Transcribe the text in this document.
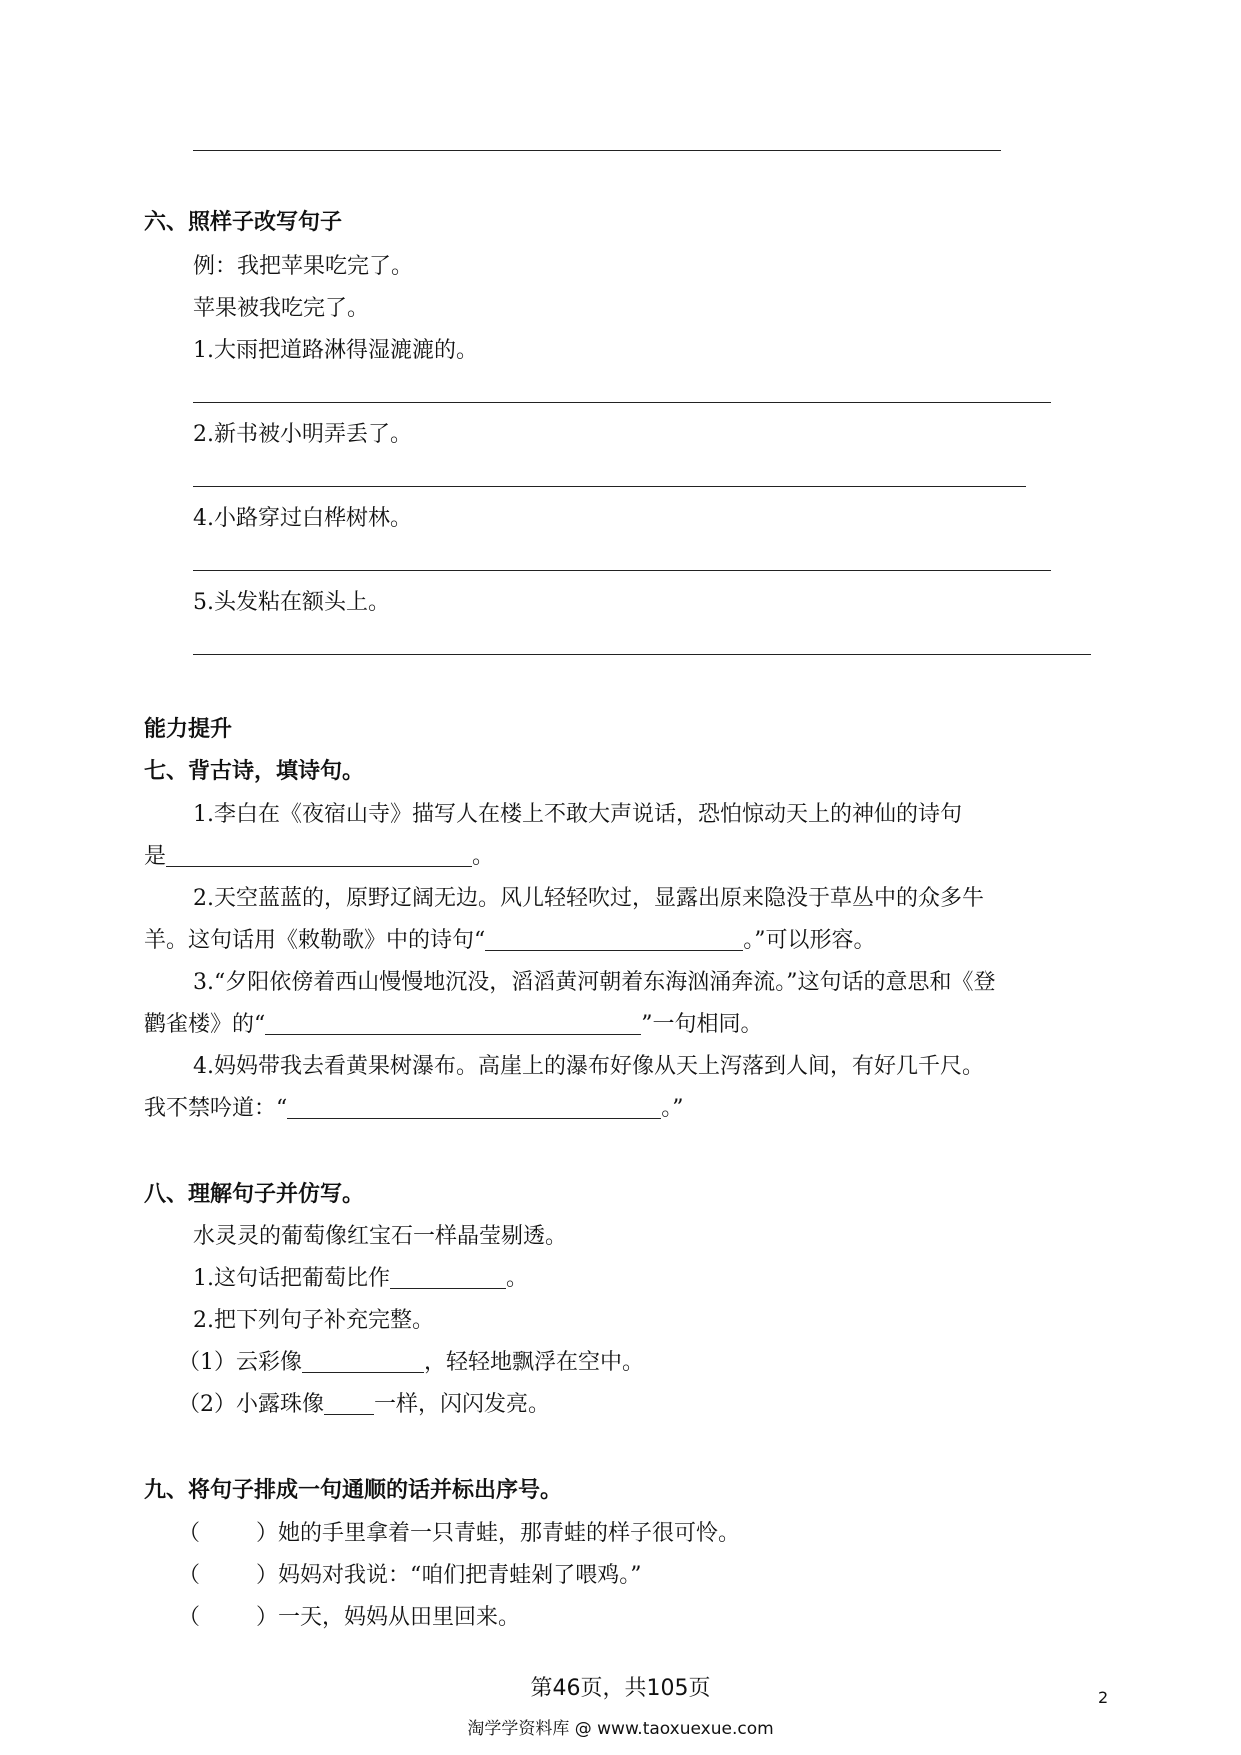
六、照样子改写句子
例：我把苹果吃完了。
苹果被我吃完了。
1.大雨把道路淋得湿漉漉的。
2.新书被小明弄丢了。
4.小路穿过白桦树林。
5.头发粘在额头上。
能力提升
七、背古诗，填诗句。
1.李白在《夜宿山寺》描写人在楼上不敢大声说话，恐怕惊动天上的神仙的诗句
是	。
2.天空蓝蓝的，原野辽阔无边。风儿轻轻吹过，显露出原来隐没于草丛中的众多牛
羊。这句话用《敕勒歌》中的诗句“	。”可以形容。
3.“夕阳依傍着西山慢慢地沉没，滔滔黄河朝着东海汹涌奔流。”这句话的意思和《登
鹳雀楼》的“	”一句相同。
4.妈妈带我去看黄果树瀑布。高崖上的瀑布好像从天上泻落到人间，有好几千尺。
我不禁吟道：“	。”
八、理解句子并仿写。
水灵灵的葡萄像红宝石一样晶莹剔透。
1.这句话把葡萄比作	。
2.把下列句子补充完整。
（1）云彩像	，轻轻地飘浮在空中。
（2）小露珠像 一样，闪闪发亮。
九、将句子排成一句通顺的话并标出序号。
（	）她的手里拿着一只青蛙，那青蛙的样子很可怜。
（	）妈妈对我说：“咱们把青蛙剁了喂鸡。”
（	）一天，妈妈从田里回来。
第46页，共105页	2
淘学学资料库 @ www.taoxuexue.com
